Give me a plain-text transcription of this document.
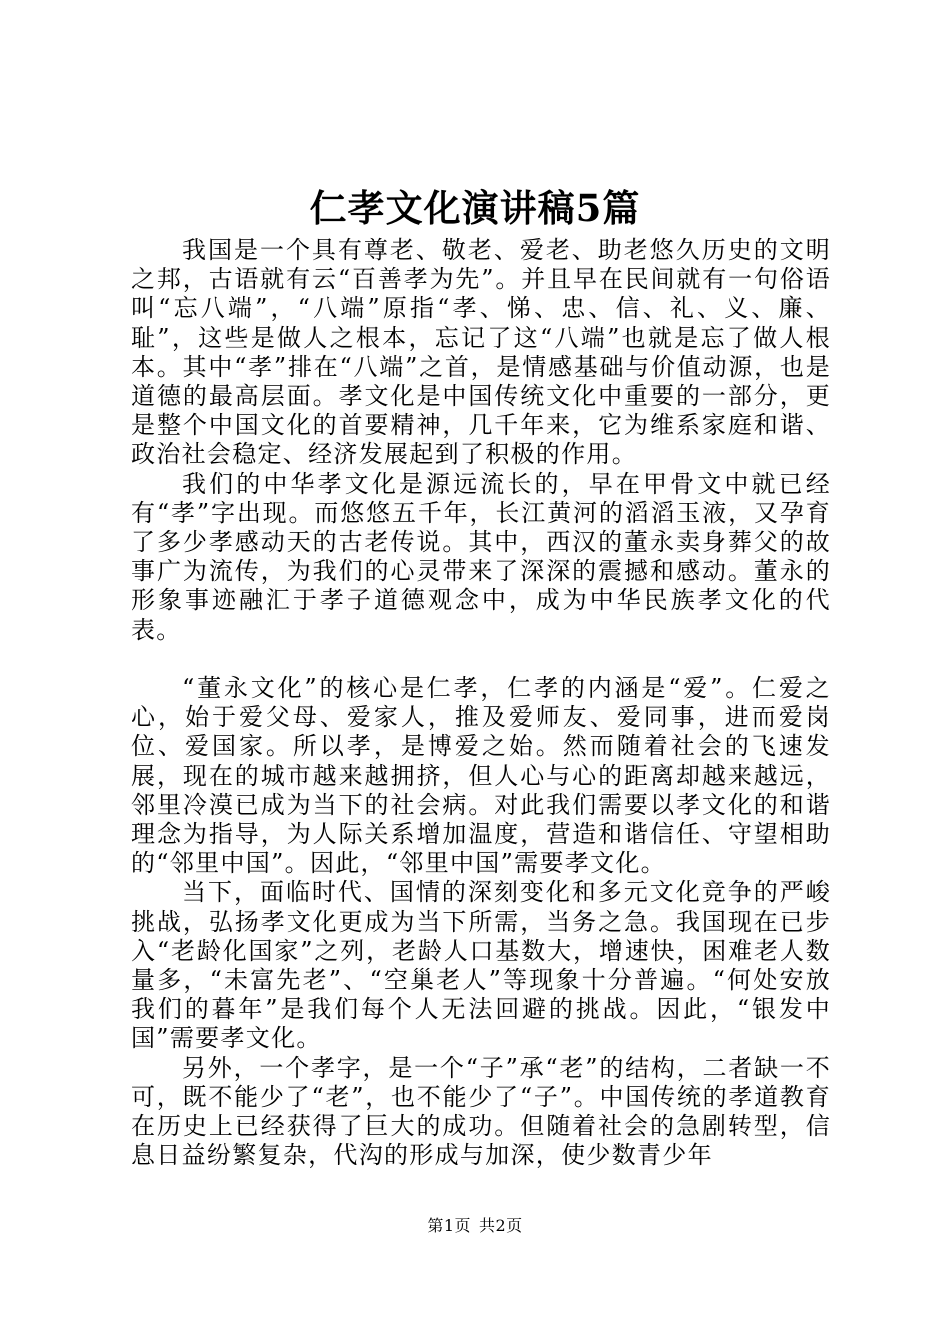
仁孝文化演讲稿5篇

我国是一个具有尊老、敬老、爱老、助老悠久历史的文明之邦，古语就有云“百善孝为先”。并且早在民间就有一句俗语叫“忘八端”，“八端”原指“孝、悌、忠、信、礼、义、廉、耻”，这些是做人之根本，忘记了这“八端”也就是忘了做人根本。其中“孝”排在“八端”之首，是情感基础与价值动源，也是道德的最高层面。孝文化是中国传统文化中重要的一部分，更是整个中国文化的首要精神，几千年来，它为维系家庭和谐、政治社会稳定、经济发展起到了积极的作用。

我们的中华孝文化是源远流长的，早在甲骨文中就已经有“孝”字出现。而悠悠五千年，长江黄河的滔滔玉液，又孕育了多少孝感动天的古老传说。其中，西汉的董永卖身葬父的故事广为流传，为我们的心灵带来了深深的震撼和感动。董永的形象事迹融汇于孝子道德观念中，成为中华民族孝文化的代表。

“董永文化”的核心是仁孝，仁孝的内涵是“爱”。仁爱之心，始于爱父母、爱家人，推及爱师友、爱同事，进而爱岗位、爱国家。所以孝，是博爱之始。然而随着社会的飞速发展，现在的城市越来越拥挤，但人心与心的距离却越来越远，邻里冷漠已成为当下的社会病。对此我们需要以孝文化的和谐理念为指导，为人际关系增加温度，营造和谐信任、守望相助的“邻里中国”。因此，“邻里中国”需要孝文化。

当下，面临时代、国情的深刻变化和多元文化竞争的严峻挑战，弘扬孝文化更成为当下所需，当务之急。我国现在已步入“老龄化国家”之列，老龄人口基数大，增速快，困难老人数量多，“未富先老”、“空巢老人”等现象十分普遍。“何处安放我们的暮年”是我们每个人无法回避的挑战。因此，“银发中国”需要孝文化。

另外，一个孝字，是一个“子”承“老”的结构，二者缺一不可，既不能少了“老”，也不能少了“子”。中国传统的孝道教育在历史上已经获得了巨大的成功。但随着社会的急剧转型，信息日益纷繁复杂，代沟的形成与加深，使少数青少年

第1页 共2页
